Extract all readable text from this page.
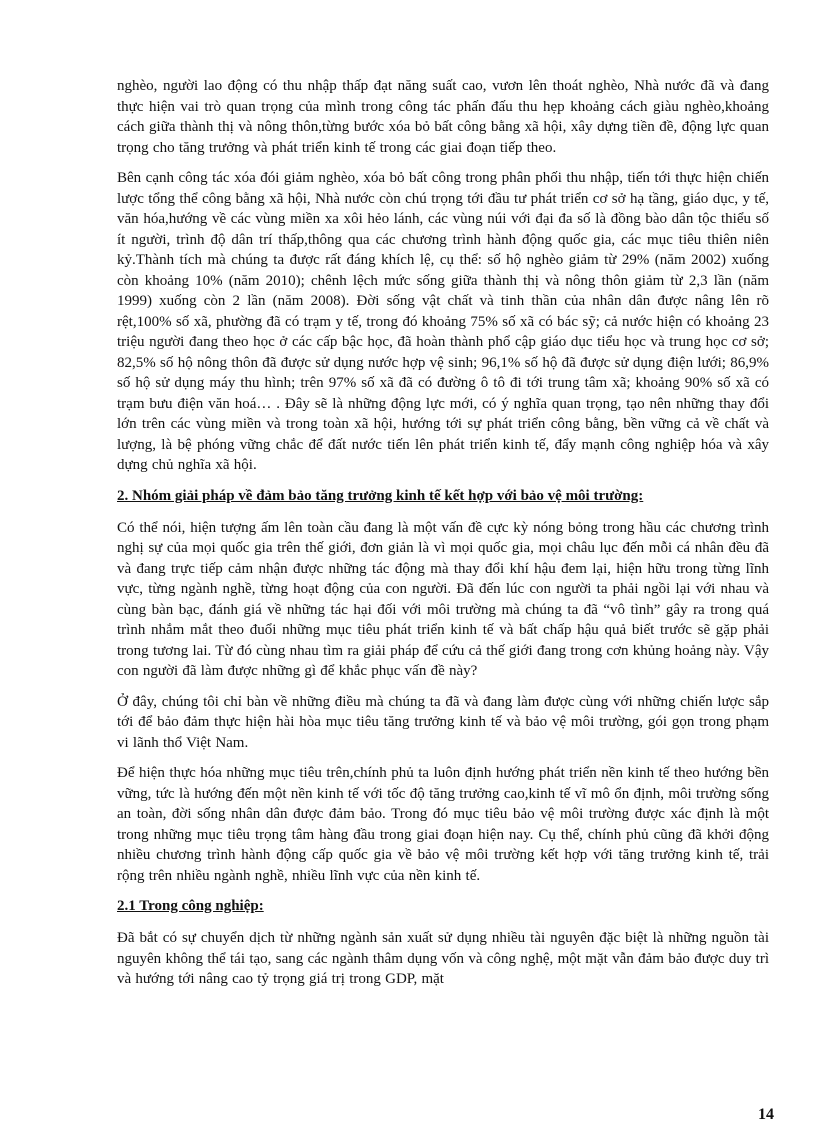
nghèo, người lao động có thu nhập thấp đạt năng suất cao, vươn lên thoát nghèo, Nhà nước đã và đang thực hiện vai trò quan trọng của mình trong công tác phấn đấu thu hẹp khoảng cách giàu nghèo,khoảng cách giữa thành thị và nông thôn,từng bước xóa bỏ bất công bằng xã hội, xây dựng tiền đề, động lực quan trọng cho tăng trưởng và phát triển kinh tế trong các giai đoạn tiếp theo.

Bên cạnh công tác xóa đói giảm nghèo, xóa bỏ bất công trong phân phối thu nhập, tiến tới thực hiện chiến lược tổng thể công bằng xã hội, Nhà nước còn chú trọng tới đầu tư phát triển cơ sở hạ tầng, giáo dục, y tế, văn hóa,hướng về các vùng miền xa xôi hẻo lánh, các vùng núi với đại đa số là đồng bào dân tộc thiểu số ít người, trình độ dân trí thấp,thông qua các chương trình hành động quốc gia, các mục tiêu thiên niên kỷ.Thành tích mà chúng ta được rất đáng khích lệ, cụ thể: số hộ nghèo giảm từ 29% (năm 2002) xuống còn khoảng 10% (năm 2010); chênh lệch mức sống giữa thành thị và nông thôn giảm từ 2,3 lần (năm 1999) xuống còn 2 lần (năm 2008). Đời sống vật chất và tinh thần của nhân dân được nâng lên rõ rệt,100% số xã, phường đã có trạm y tế, trong đó khoảng 75% số xã có bác sỹ; cả nước hiện có khoảng 23 triệu người đang theo học ở các cấp bậc học, đã hoàn thành phổ cập giáo dục tiểu học và trung học cơ sở; 82,5% số hộ nông thôn đã được sử dụng nước hợp vệ sinh; 96,1% số hộ đã được sử dụng điện lưới; 86,9% số hộ sử dụng máy thu hình; trên 97% số xã đã có đường ô tô đi tới trung tâm xã; khoảng 90% số xã có trạm bưu điện văn hoá… . Đây sẽ là những động lực mới, có ý nghĩa quan trọng, tạo nên những thay đổi lớn trên các vùng miền và trong toàn xã hội, hướng tới sự phát triển công bằng, bền vững cả về chất và lượng, là bệ phóng vững chắc để đất nước tiến lên phát triển kinh tế, đẩy mạnh công nghiệp hóa và xây dựng chủ nghĩa xã hội.

2. Nhóm giải pháp về đảm bảo tăng trưởng kinh tế kết hợp với bảo vệ môi trường:

Có thể nói, hiện tượng ấm lên toàn cầu đang là một vấn đề cực kỳ nóng bỏng trong hầu các chương trình nghị sự của mọi quốc gia trên thế giới, đơn giản là vì mọi quốc gia, mọi châu lục đến mỗi cá nhân đều đã và đang trực tiếp cảm nhận được những tác động mà thay đổi khí hậu đem lại, hiện hữu trong từng lĩnh vực, từng ngành nghề, từng hoạt động của con người. Đã đến lúc con người ta phải ngồi lại với nhau và cùng bàn bạc, đánh giá về những tác hại đối với môi trường mà chúng ta đã “vô tình” gây ra trong quá trình nhắm mắt theo đuổi những mục tiêu phát triển kinh tế và bất chấp hậu quả biết trước sẽ gặp phải trong tương lai. Từ đó cùng nhau tìm ra giải pháp để cứu cả thế giới đang trong cơn khủng hoảng này. Vậy con người đã làm được những gì để khắc phục vấn đề này?

Ở đây, chúng tôi chỉ bàn về những điều mà chúng ta đã và đang làm được cùng với những chiến lược sắp tới để bảo đảm thực hiện hài hòa mục tiêu tăng trưởng kinh tế và bảo vệ môi trường, gói gọn trong phạm vi lãnh thổ Việt Nam.

Để hiện thực hóa những mục tiêu trên,chính phủ ta luôn định hướng phát triển nền kinh tế theo hướng bền vững, tức là hướng đến một nền kinh tế với tốc độ tăng trưởng cao,kinh tế vĩ mô ổn định, môi trường sống an toàn, đời sống nhân dân được đảm bảo. Trong đó mục tiêu bảo vệ môi trường được xác định là một trong những mục tiêu trọng tâm hàng đầu trong giai đoạn hiện nay. Cụ thể, chính phủ cũng đã khởi động nhiều chương trình hành động cấp quốc gia về bảo vệ môi trường kết hợp với tăng trưởng kinh tế, trải rộng trên nhiều ngành nghề, nhiều lĩnh vực của nền kinh tế.

2.1 Trong công nghiệp:

Đã bắt có sự chuyển dịch từ những ngành sản xuất sử dụng nhiều tài nguyên đặc biệt là những nguồn tài nguyên không thể tái tạo, sang các ngành thâm dụng vốn và công nghệ, một mặt vẫn đảm bảo được duy trì và hướng tới nâng cao tỷ trọng giá trị trong GDP, mặt

14
